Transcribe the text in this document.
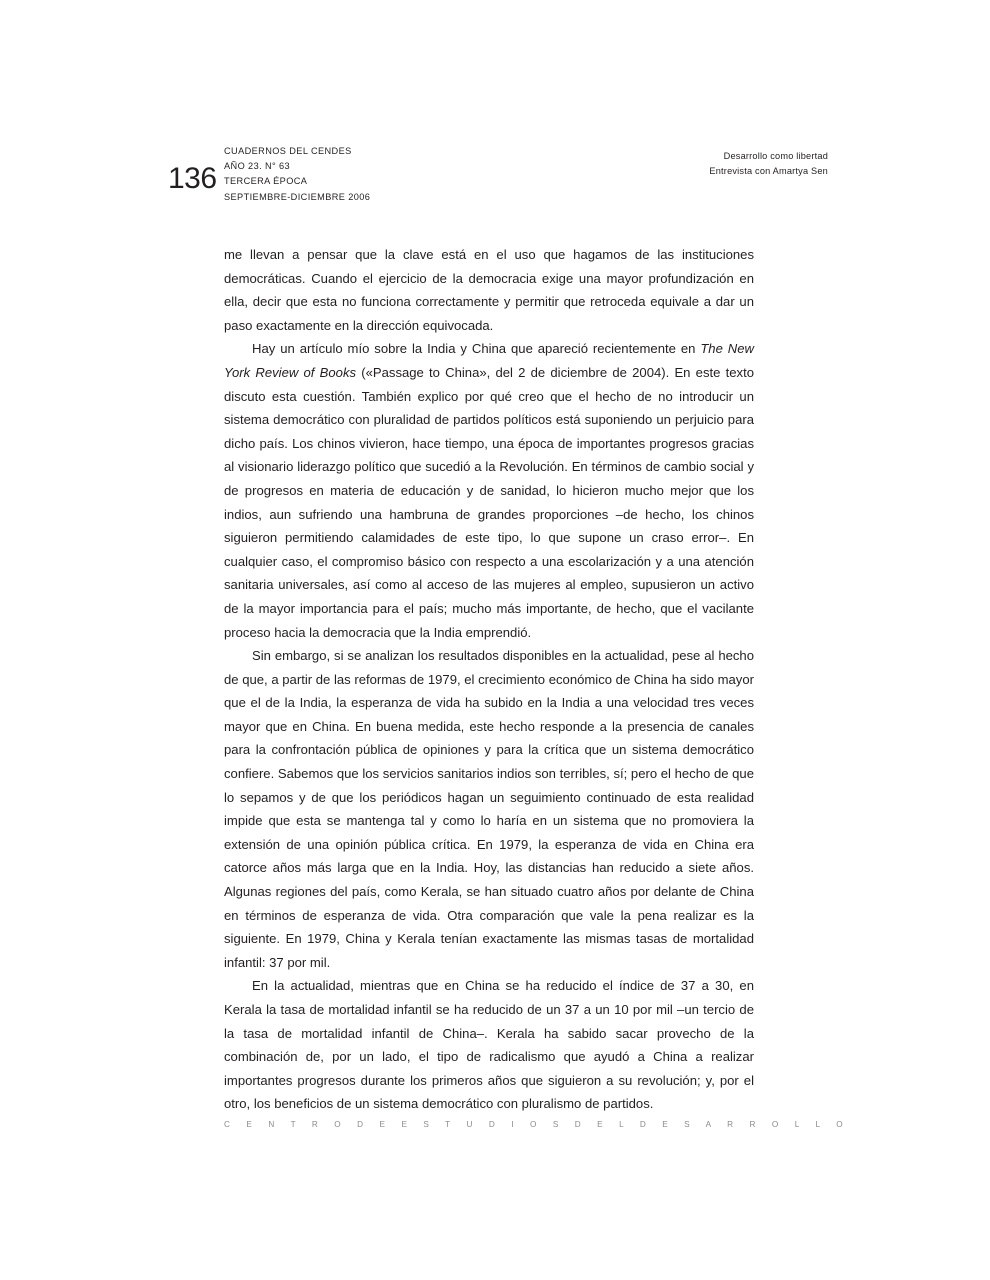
136
CUADERNOS DEL CENDES
AÑO 23. N° 63
TERCERA ÉPOCA
SEPTIEMBRE-DICIEMBRE 2006
Desarrollo como libertad
Entrevista con Amartya Sen

me llevan a pensar que la clave está en el uso que hagamos de las instituciones democráticas. Cuando el ejercicio de la democracia exige una mayor profundización en ella, decir que esta no funciona correctamente y permitir que retroceda equivale a dar un paso exactamente en la dirección equivocada.

Hay un artículo mío sobre la India y China que apareció recientemente en The New York Review of Books («Passage to China», del 2 de diciembre de 2004). En este texto discuto esta cuestión. También explico por qué creo que el hecho de no introducir un sistema democrático con pluralidad de partidos políticos está suponiendo un perjuicio para dicho país. Los chinos vivieron, hace tiempo, una época de importantes progresos gracias al visionario liderazgo político que sucedió a la Revolución. En términos de cambio social y de progresos en materia de educación y de sanidad, lo hicieron mucho mejor que los indios, aun sufriendo una hambruna de grandes proporciones –de hecho, los chinos siguieron permitiendo calamidades de este tipo, lo que supone un craso error–. En cualquier caso, el compromiso básico con respecto a una escolarización y a una atención sanitaria universales, así como al acceso de las mujeres al empleo, supusieron un activo de la mayor importancia para el país; mucho más importante, de hecho, que el vacilante proceso hacia la democracia que la India emprendió.

Sin embargo, si se analizan los resultados disponibles en la actualidad, pese al hecho de que, a partir de las reformas de 1979, el crecimiento económico de China ha sido mayor que el de la India, la esperanza de vida ha subido en la India a una velocidad tres veces mayor que en China. En buena medida, este hecho responde a la presencia de canales para la confrontación pública de opiniones y para la crítica que un sistema democrático confiere. Sabemos que los servicios sanitarios indios son terribles, sí; pero el hecho de que lo sepamos y de que los periódicos hagan un seguimiento continuado de esta realidad impide que esta se mantenga tal y como lo haría en un sistema que no promoviera la extensión de una opinión pública crítica. En 1979, la esperanza de vida en China era catorce años más larga que en la India. Hoy, las distancias han reducido a siete años. Algunas regiones del país, como Kerala, se han situado cuatro años por delante de China en términos de esperanza de vida. Otra comparación que vale la pena realizar es la siguiente. En 1979, China y Kerala tenían exactamente las mismas tasas de mortalidad infantil: 37 por mil.

En la actualidad, mientras que en China se ha reducido el índice de 37 a 30, en Kerala la tasa de mortalidad infantil se ha reducido de un 37 a un 10 por mil –un tercio de la tasa de mortalidad infantil de China–. Kerala ha sabido sacar provecho de la combinación de, por un lado, el tipo de radicalismo que ayudó a China a realizar importantes progresos durante los primeros años que siguieron a su revolución; y, por el otro, los beneficios de un sistema democrático con pluralismo de partidos.

C E N T R O D E E S T U D I O S D E L D E S A R R O L L O
